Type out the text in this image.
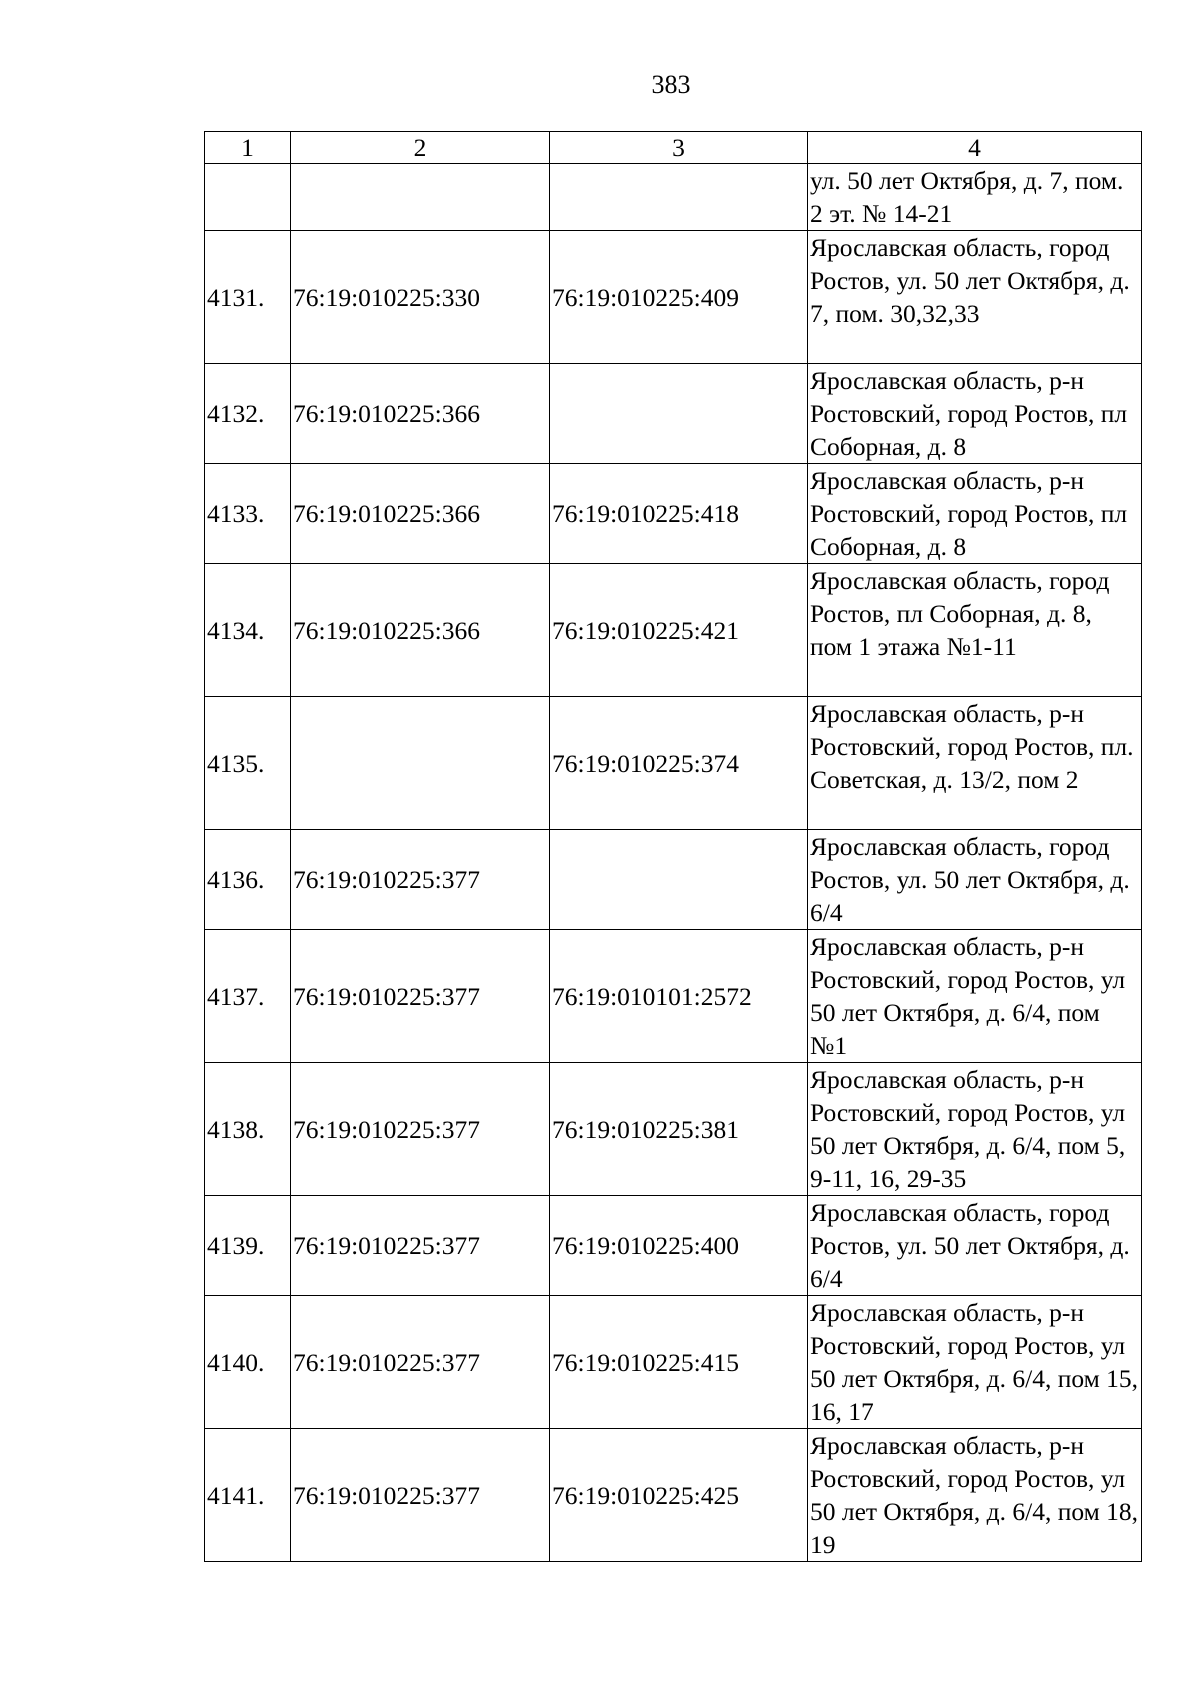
383
1	2	3	4
			ул. 50 лет Октября, д. 7, пом. 2 эт. № 14-21
4131.	76:19:010225:330	76:19:010225:409	Ярославская область, город Ростов, ул. 50 лет Октября, д. 7, пом. 30,32,33
4132.	76:19:010225:366		Ярославская область, р-н Ростовский, город Ростов, пл Соборная, д. 8
4133.	76:19:010225:366	76:19:010225:418	Ярославская область, р-н Ростовский, город Ростов, пл Соборная, д. 8
4134.	76:19:010225:366	76:19:010225:421	Ярославская область, город Ростов, пл Соборная, д. 8, пом 1 этажа №1-11
4135.		76:19:010225:374	Ярославская область, р-н Ростовский, город Ростов, пл. Советская, д. 13/2, пом 2
4136.	76:19:010225:377		Ярославская область, город Ростов, ул. 50 лет Октября, д. 6/4
4137.	76:19:010225:377	76:19:010101:2572	Ярославская область, р-н Ростовский, город Ростов, ул 50 лет Октября, д. 6/4, пом №1
4138.	76:19:010225:377	76:19:010225:381	Ярославская область, р-н Ростовский, город Ростов, ул 50 лет Октября, д. 6/4, пом 5, 9-11, 16, 29-35
4139.	76:19:010225:377	76:19:010225:400	Ярославская область, город Ростов, ул. 50 лет Октября, д. 6/4
4140.	76:19:010225:377	76:19:010225:415	Ярославская область, р-н Ростовский, город Ростов, ул 50 лет Октября, д. 6/4, пом 15, 16, 17
4141.	76:19:010225:377	76:19:010225:425	Ярославская область, р-н Ростовский, город Ростов, ул 50 лет Октября, д. 6/4, пом 18, 19
